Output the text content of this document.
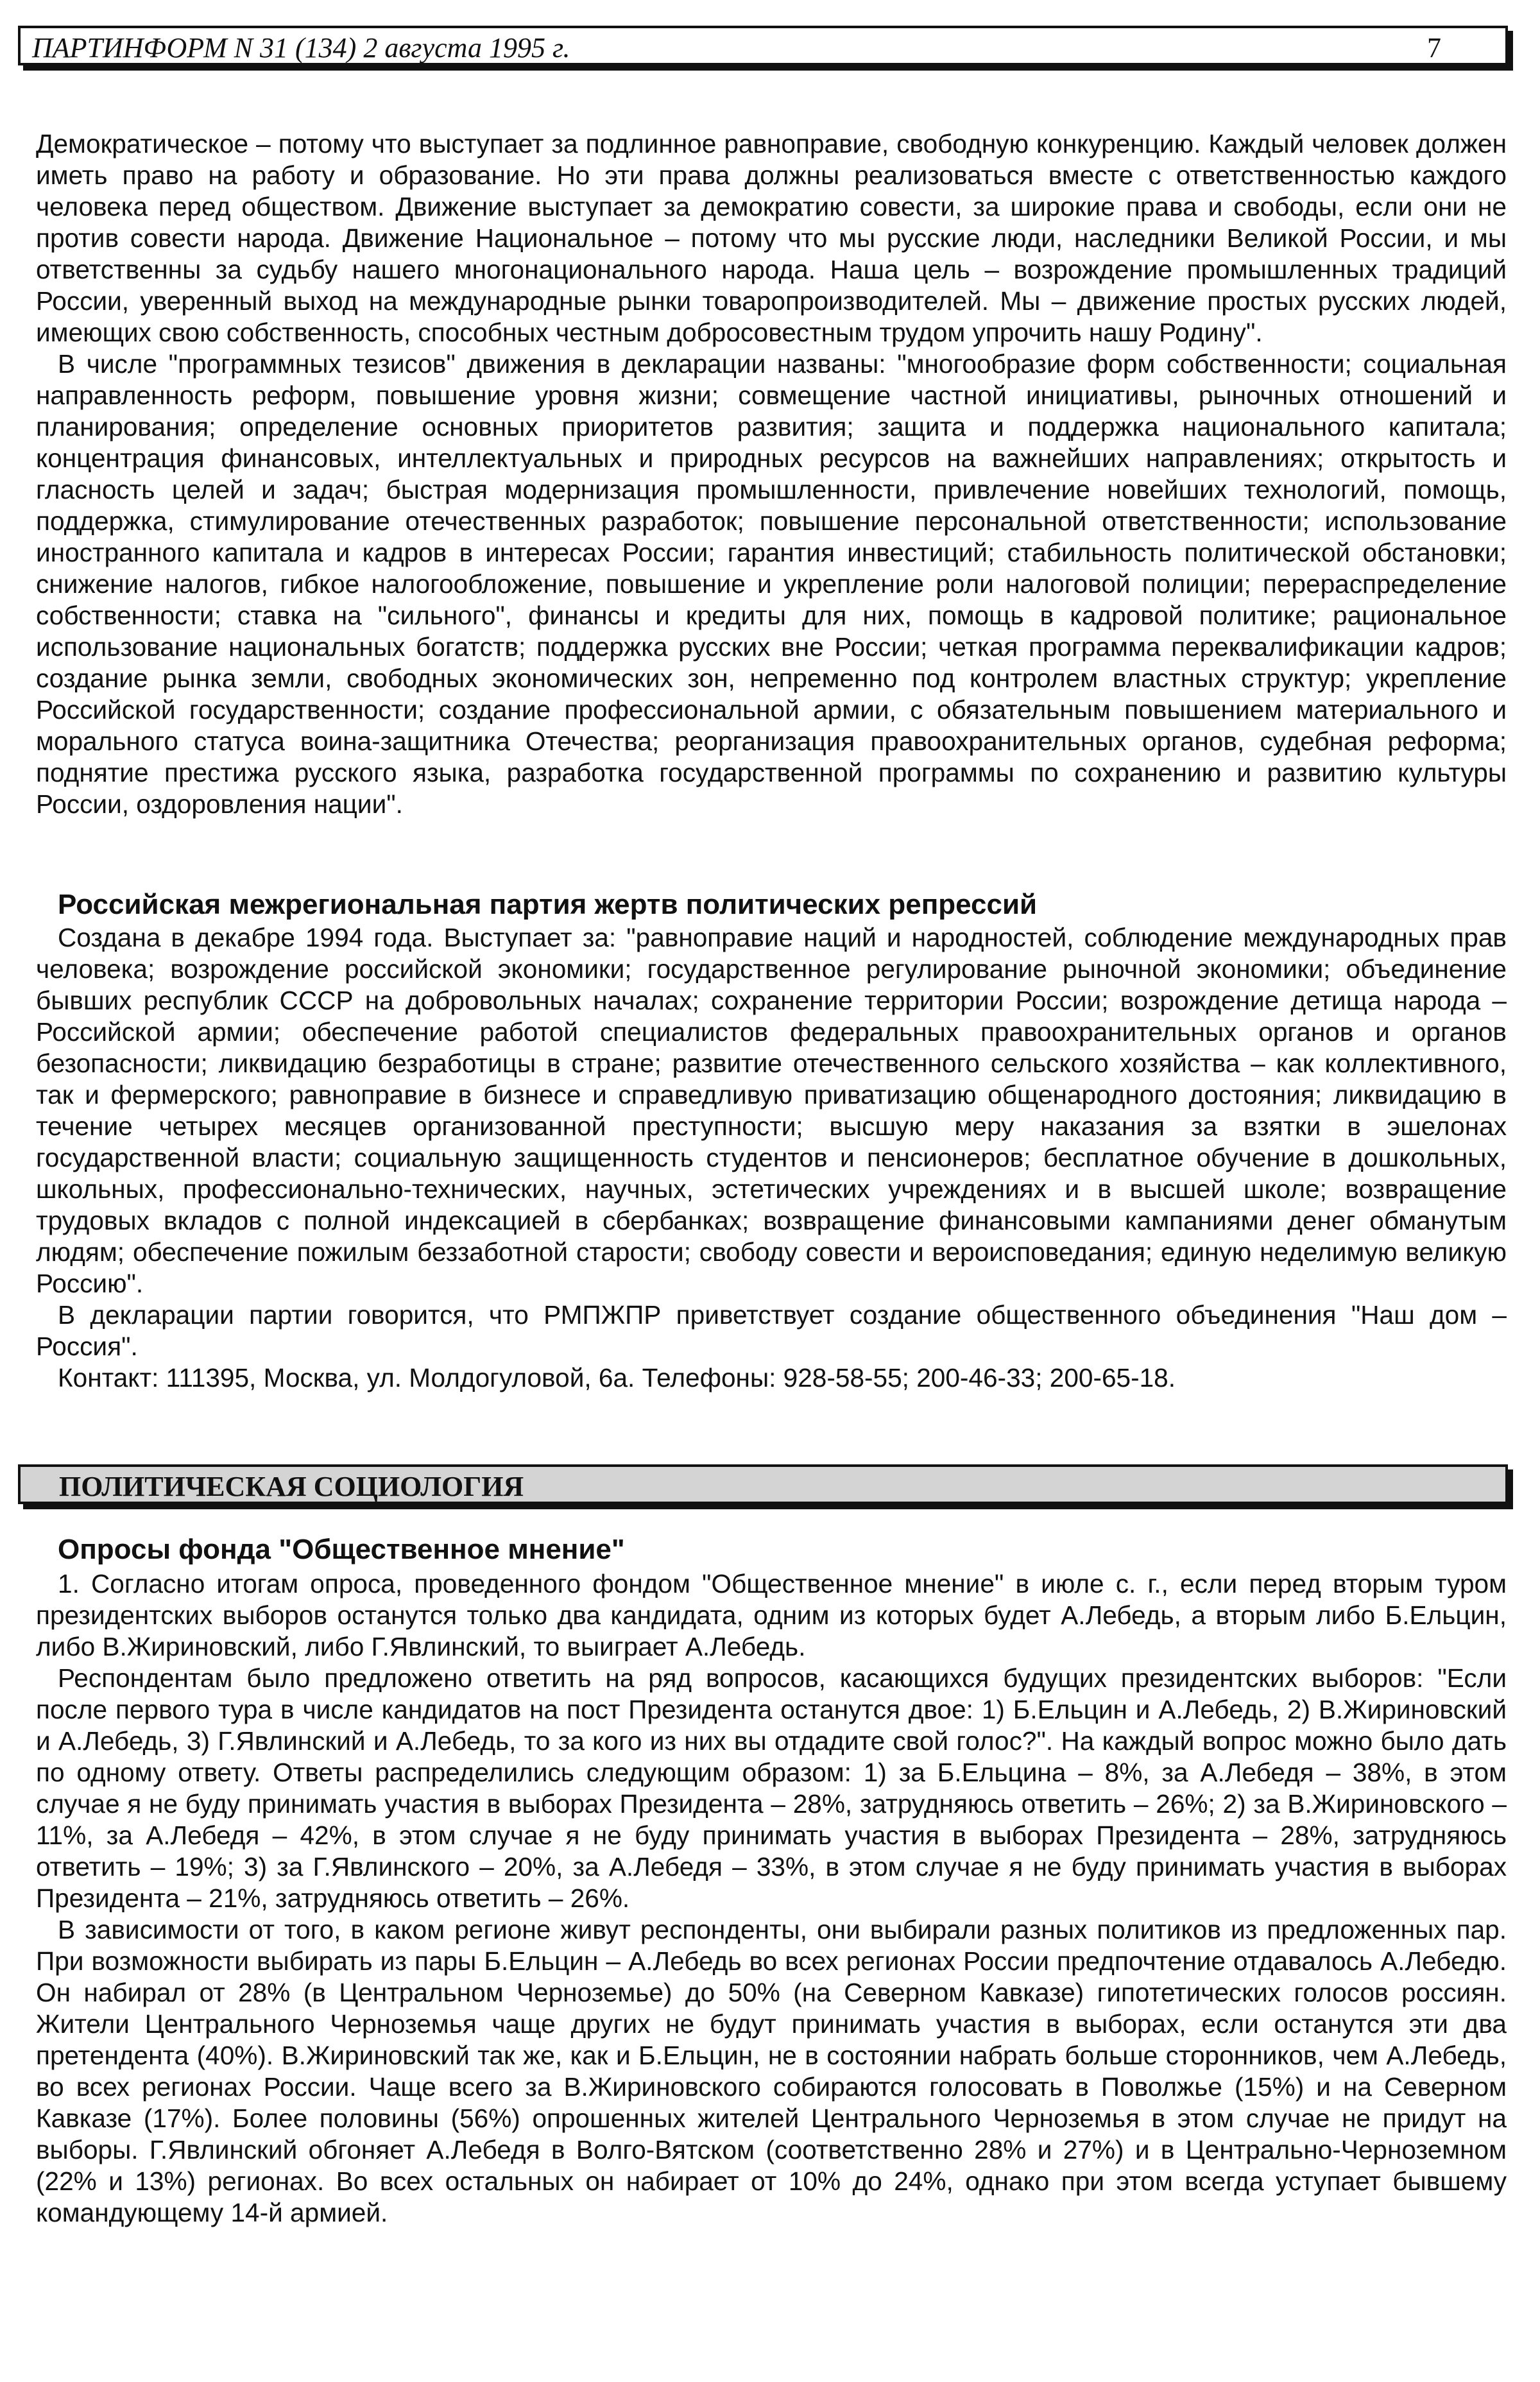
ПАРТИНФОРМ N 31 (134) 2 августа 1995 г.	7

Демократическое – потому что выступает за подлинное равноправие, свободную конкуренцию. Каждый человек должен иметь право на работу и образование. Но эти права должны реализоваться вместе с ответственностью каждого человека перед обществом. Движение выступает за демократию совести, за широкие права и свободы, если они не против совести народа. Движение Национальное – потому что мы русские люди, наследники Великой России, и мы ответственны за судьбу нашего многонационального народа. Наша цель – возрождение промышленных традиций России, уверенный выход на международные рынки товаропроизводителей. Мы – движение простых русских людей, имеющих свою собственность, способных честным добросовестным трудом упрочить нашу Родину".

В числе "программных тезисов" движения в декларации названы: "многообразие форм собственности; социальная направленность реформ, повышение уровня жизни; совмещение частной инициативы, рыночных отношений и планирования; определение основных приоритетов развития; защита и поддержка национального капитала; концентрация финансовых, интеллектуальных и природных ресурсов на важнейших направлениях; открытость и гласность целей и задач; быстрая модернизация промышленности, привлечение новейших технологий, помощь, поддержка, стимулирование отечественных разработок; повышение персональной ответственности; использование иностранного капитала и кадров в интересах России; гарантия инвестиций; стабильность политической обстановки; снижение налогов, гибкое налогообложение, повышение и укрепление роли налоговой полиции; перераспределение собственности; ставка на "сильного", финансы и кредиты для них, помощь в кадровой политике; рациональное использование национальных богатств; поддержка русских вне России; четкая программа переквалификации кадров; создание рынка земли, свободных экономических зон, непременно под контролем властных структур; укрепление Российской государственности; создание профессиональной армии, с обязательным повышением материального и морального статуса воина-защитника Отечества; реорганизация правоохранительных органов, судебная реформа; поднятие престижа русского языка, разработка государственной программы по сохранению и развитию культуры России, оздоровления нации".

Российская межрегиональная партия жертв политических репрессий

Создана в декабре 1994 года. Выступает за: "равноправие наций и народностей, соблюдение международных прав человека; возрождение российской экономики; государственное регулирование рыночной экономики; объединение бывших республик СССР на добровольных началах; сохранение территории России; возрождение детища народа – Российской армии; обеспечение работой специалистов федеральных правоохранительных органов и органов безопасности; ликвидацию безработицы в стране; развитие отечественного сельского хозяйства – как коллективного, так и фермерского; равноправие в бизнесе и справедливую приватизацию общенародного достояния; ликвидацию в течение четырех месяцев организованной преступности; высшую меру наказания за взятки в эшелонах государственной власти; социальную защищенность студентов и пенсионеров; бесплатное обучение в дошкольных, школьных, профессионально-технических, научных, эстетических учреждениях и в высшей школе; возвращение трудовых вкладов с полной индексацией в сбербанках; возвращение финансовыми кампаниями денег обманутым людям; обеспечение пожилым беззаботной старости; свободу совести и вероисповедания; единую неделимую великую Россию".

В декларации партии говорится, что РМПЖПР приветствует создание общественного объединения "Наш дом – Россия".

Контакт: 111395, Москва, ул. Молдогуловой, 6а. Телефоны: 928-58-55; 200-46-33; 200-65-18.

ПОЛИТИЧЕСКАЯ СОЦИОЛОГИЯ
Опросы фонда "Общественное мнение"

1. Согласно итогам опроса, проведенного фондом "Общественное мнение" в июле с. г., если перед вторым туром президентских выборов останутся только два кандидата, одним из которых будет А.Лебедь, а вторым либо Б.Ельцин, либо В.Жириновский, либо Г.Явлинский, то выиграет А.Лебедь.

Респондентам было предложено ответить на ряд вопросов, касающихся будущих президентских выборов: "Если после первого тура в числе кандидатов на пост Президента останутся двое: 1) Б.Ельцин и А.Лебедь, 2) В.Жириновский и А.Лебедь, 3) Г.Явлинский и А.Лебедь, то за кого из них вы отдадите свой голос?". На каждый вопрос можно было дать по одному ответу. Ответы распределились следующим образом: 1) за Б.Ельцина – 8%, за А.Лебедя – 38%, в этом случае я не буду принимать участия в выборах Президента – 28%, затрудняюсь ответить – 26%; 2) за В.Жириновского – 11%, за А.Лебедя – 42%, в этом случае я не буду принимать участия в выборах Президента – 28%, затрудняюсь ответить – 19%; 3) за Г.Явлинского – 20%, за А.Лебедя – 33%, в этом случае я не буду принимать участия в выборах Президента – 21%, затрудняюсь ответить – 26%.

В зависимости от того, в каком регионе живут респонденты, они выбирали разных политиков из предложенных пар. При возможности выбирать из пары Б.Ельцин – А.Лебедь во всех регионах России предпочтение отдавалось А.Лебедю. Он набирал от 28% (в Центральном Черноземье) до 50% (на Северном Кавказе) гипотетических голосов россиян. Жители Центрального Черноземья чаще других не будут принимать участия в выборах, если останутся эти два претендента (40%). В.Жириновский так же, как и Б.Ельцин, не в состоянии набрать больше сторонников, чем А.Лебедь, во всех регионах России. Чаще всего за В.Жириновского собираются голосовать в Поволжье (15%) и на Северном Кавказе (17%). Более половины (56%) опрошенных жителей Центрального Черноземья в этом случае не придут на выборы. Г.Явлинский обгоняет А.Лебедя в Волго-Вятском (соответственно 28% и 27%) и в Центрально-Черноземном (22% и 13%) регионах. Во всех остальных он набирает от 10% до 24%, однако при этом всегда уступает бывшему командующему 14-й армией.
